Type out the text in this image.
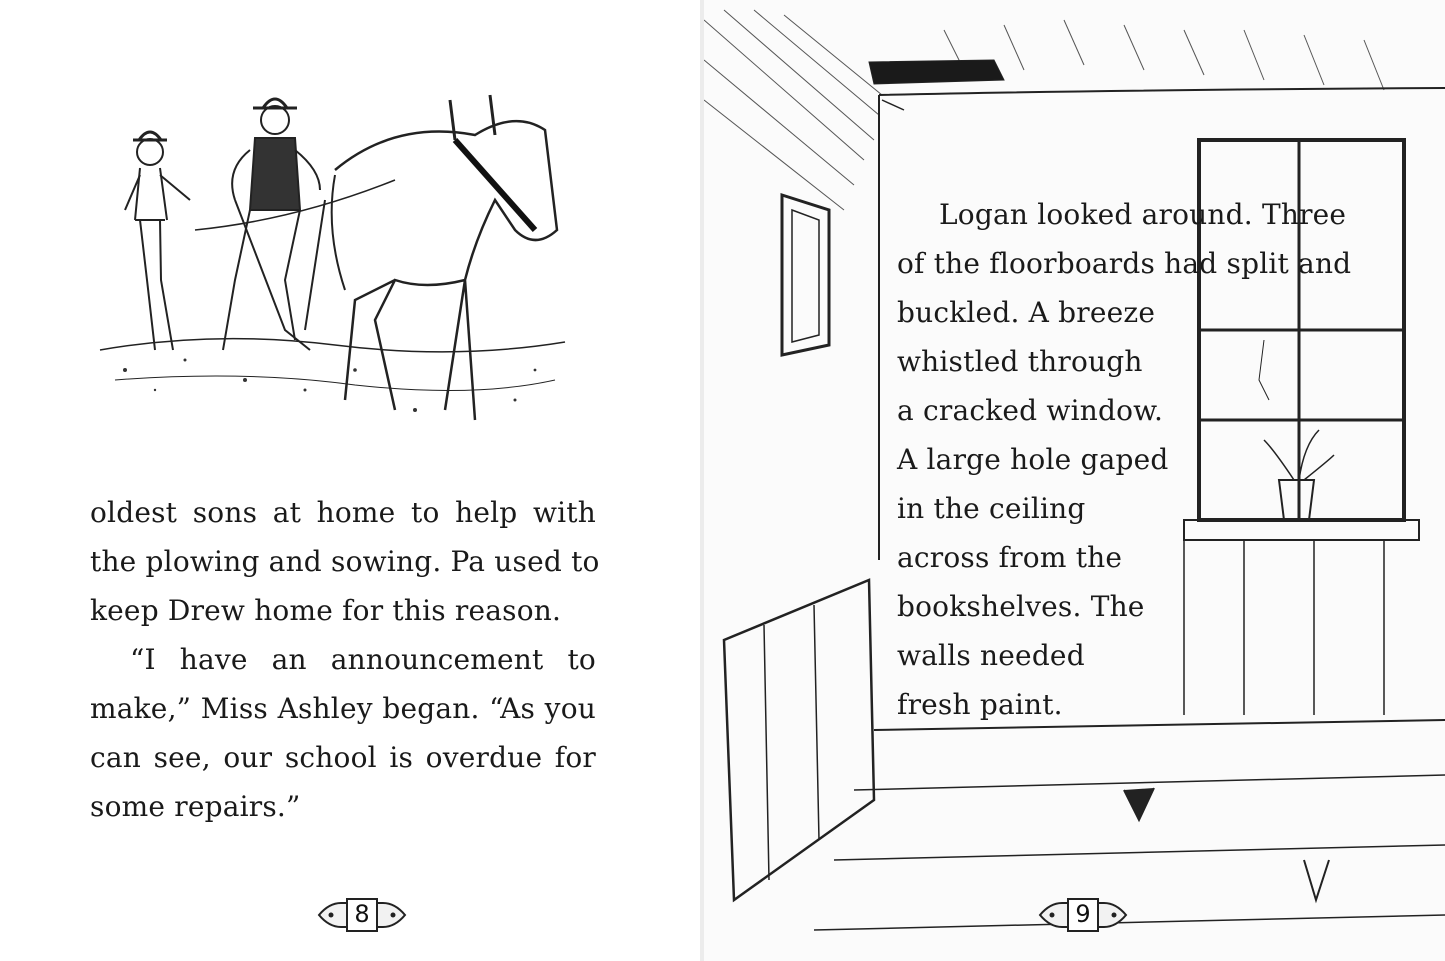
oldest sons at home to help with
the plowing and sowing. Pa used to
keep Drew home for this reason.
“I have an announcement to
make,” Miss Ashley began. “As you
can see, our school is overdue for
some repairs.”
8	9
Logan looked around. Three
of the floorboards had split and
buckled. A breeze
whistled through
a cracked window.
A large hole gaped
in the ceiling
across from the
bookshelves. The
walls needed
fresh paint.
